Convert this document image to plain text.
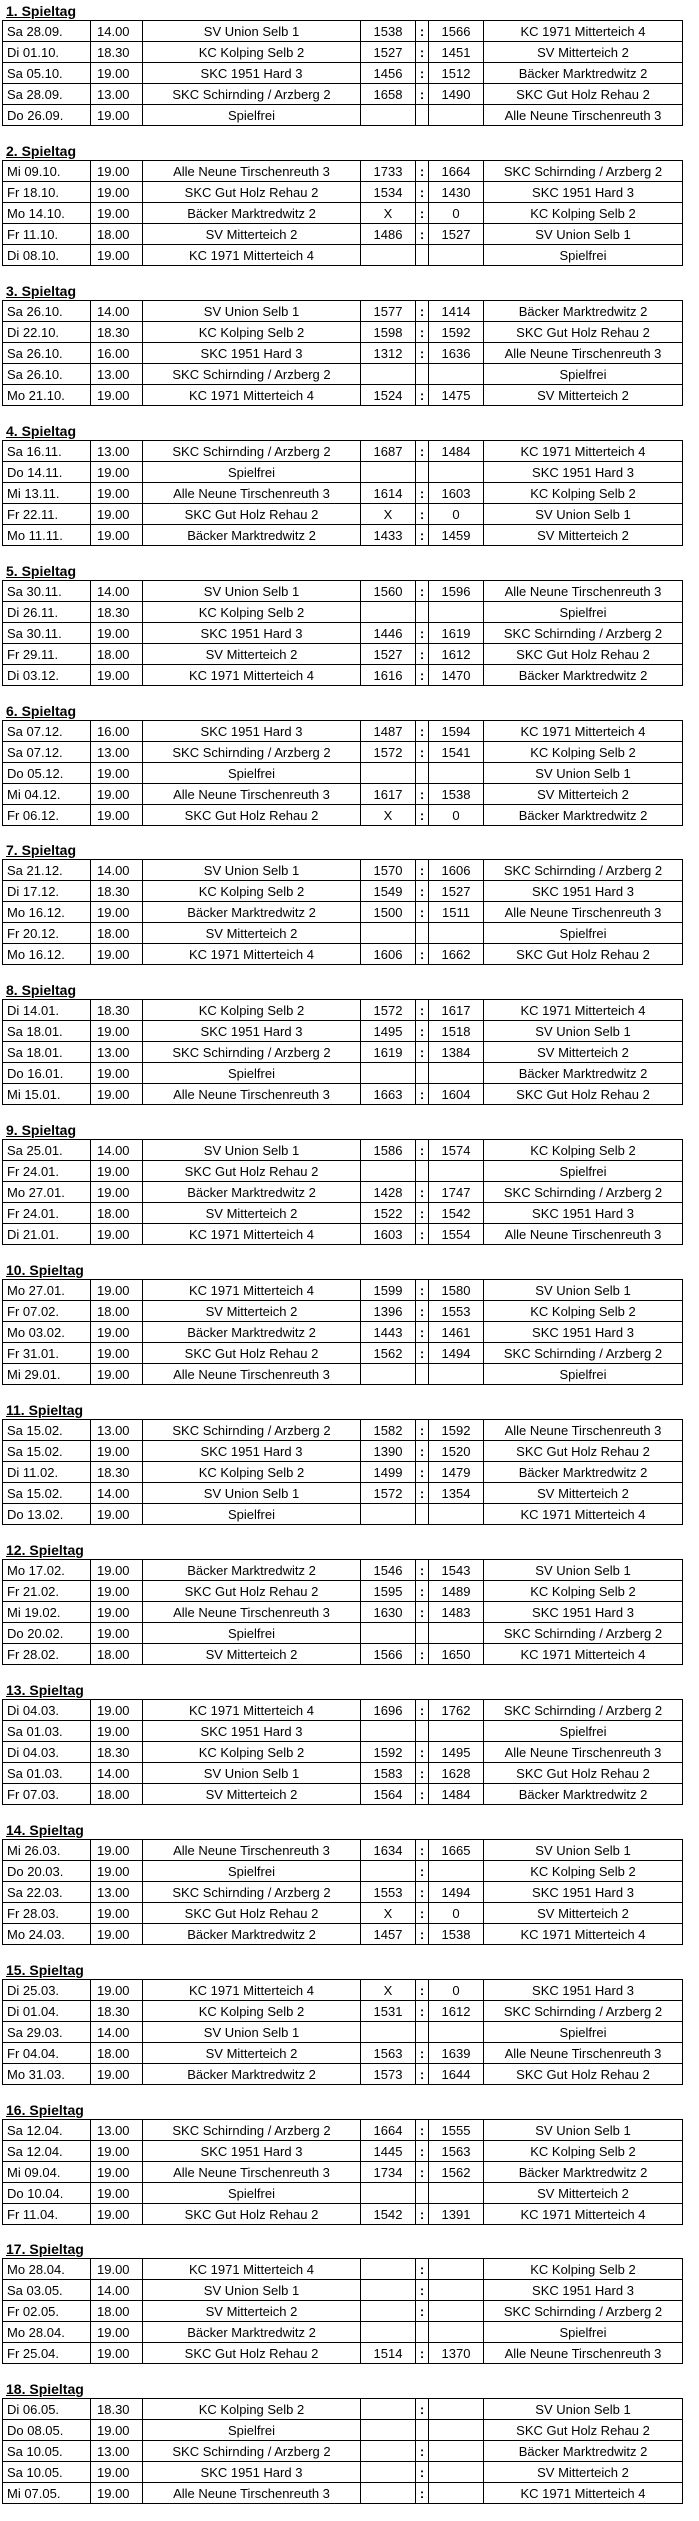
1. Spieltag
Sa 28.09.	14.00	SV Union Selb 1	1538	:	1566	KC 1971 Mitterteich 4
Di 01.10.	18.30	KC Kolping Selb 2	1527	:	1451	SV Mitterteich 2
Sa 05.10.	19.00	SKC 1951 Hard 3	1456	:	1512	Bäcker Marktredwitz 2
Sa 28.09.	13.00	SKC Schirnding / Arzberg 2	1658	:	1490	SKC Gut Holz Rehau 2
Do 26.09.	19.00	Spielfrei				Alle Neune Tirschenreuth 3
2. Spieltag
Mi 09.10.	19.00	Alle Neune Tirschenreuth 3	1733	:	1664	SKC Schirnding / Arzberg 2
Fr 18.10.	19.00	SKC Gut Holz Rehau 2	1534	:	1430	SKC 1951 Hard 3
Mo 14.10.	19.00	Bäcker Marktredwitz 2	X	:	0	KC Kolping Selb 2
Fr 11.10.	18.00	SV Mitterteich 2	1486	:	1527	SV Union Selb 1
Di 08.10.	19.00	KC 1971 Mitterteich 4				Spielfrei
3. Spieltag
Sa 26.10.	14.00	SV Union Selb 1	1577	:	1414	Bäcker Marktredwitz 2
Di 22.10.	18.30	KC Kolping Selb 2	1598	:	1592	SKC Gut Holz Rehau 2
Sa 26.10.	16.00	SKC 1951 Hard 3	1312	:	1636	Alle Neune Tirschenreuth 3
Sa 26.10.	13.00	SKC Schirnding / Arzberg 2				Spielfrei
Mo 21.10.	19.00	KC 1971 Mitterteich 4	1524	:	1475	SV Mitterteich 2
4. Spieltag
Sa 16.11.	13.00	SKC Schirnding / Arzberg 2	1687	:	1484	KC 1971 Mitterteich 4
Do 14.11.	19.00	Spielfrei				SKC 1951 Hard 3
Mi 13.11.	19.00	Alle Neune Tirschenreuth 3	1614	:	1603	KC Kolping Selb 2
Fr 22.11.	19.00	SKC Gut Holz Rehau 2	X	:	0	SV Union Selb 1
Mo 11.11.	19.00	Bäcker Marktredwitz 2	1433	:	1459	SV Mitterteich 2
5. Spieltag
Sa 30.11.	14.00	SV Union Selb 1	1560	:	1596	Alle Neune Tirschenreuth 3
Di 26.11.	18.30	KC Kolping Selb 2				Spielfrei
Sa 30.11.	19.00	SKC 1951 Hard 3	1446	:	1619	SKC Schirnding / Arzberg 2
Fr 29.11.	18.00	SV Mitterteich 2	1527	:	1612	SKC Gut Holz Rehau 2
Di 03.12.	19.00	KC 1971 Mitterteich 4	1616	:	1470	Bäcker Marktredwitz 2
6. Spieltag
Sa 07.12.	16.00	SKC 1951 Hard 3	1487	:	1594	KC 1971 Mitterteich 4
Sa 07.12.	13.00	SKC Schirnding / Arzberg 2	1572	:	1541	KC Kolping Selb 2
Do 05.12.	19.00	Spielfrei				SV Union Selb 1
Mi 04.12.	19.00	Alle Neune Tirschenreuth 3	1617	:	1538	SV Mitterteich 2
Fr 06.12.	19.00	SKC Gut Holz Rehau 2	X	:	0	Bäcker Marktredwitz 2
7. Spieltag
Sa 21.12.	14.00	SV Union Selb 1	1570	:	1606	SKC Schirnding / Arzberg 2
Di 17.12.	18.30	KC Kolping Selb 2	1549	:	1527	SKC 1951 Hard 3
Mo 16.12.	19.00	Bäcker Marktredwitz 2	1500	:	1511	Alle Neune Tirschenreuth 3
Fr 20.12.	18.00	SV Mitterteich 2				Spielfrei
Mo 16.12.	19.00	KC 1971 Mitterteich 4	1606	:	1662	SKC Gut Holz Rehau 2
8. Spieltag
Di 14.01.	18.30	KC Kolping Selb 2	1572	:	1617	KC 1971 Mitterteich 4
Sa 18.01.	19.00	SKC 1951 Hard 3	1495	:	1518	SV Union Selb 1
Sa 18.01.	13.00	SKC Schirnding / Arzberg 2	1619	:	1384	SV Mitterteich 2
Do 16.01.	19.00	Spielfrei				Bäcker Marktredwitz 2
Mi 15.01.	19.00	Alle Neune Tirschenreuth 3	1663	:	1604	SKC Gut Holz Rehau 2
9. Spieltag
Sa 25.01.	14.00	SV Union Selb 1	1586	:	1574	KC Kolping Selb 2
Fr 24.01.	19.00	SKC Gut Holz Rehau 2				Spielfrei
Mo 27.01.	19.00	Bäcker Marktredwitz 2	1428	:	1747	SKC Schirnding / Arzberg 2
Fr 24.01.	18.00	SV Mitterteich 2	1522	:	1542	SKC 1951 Hard 3
Di 21.01.	19.00	KC 1971 Mitterteich 4	1603	:	1554	Alle Neune Tirschenreuth 3
10. Spieltag
Mo 27.01.	19.00	KC 1971 Mitterteich 4	1599	:	1580	SV Union Selb 1
Fr 07.02.	18.00	SV Mitterteich 2	1396	:	1553	KC Kolping Selb 2
Mo 03.02.	19.00	Bäcker Marktredwitz 2	1443	:	1461	SKC 1951 Hard 3
Fr 31.01.	19.00	SKC Gut Holz Rehau 2	1562	:	1494	SKC Schirnding / Arzberg 2
Mi 29.01.	19.00	Alle Neune Tirschenreuth 3				Spielfrei
11. Spieltag
Sa 15.02.	13.00	SKC Schirnding / Arzberg 2	1582	:	1592	Alle Neune Tirschenreuth 3
Sa 15.02.	19.00	SKC 1951 Hard 3	1390	:	1520	SKC Gut Holz Rehau 2
Di 11.02.	18.30	KC Kolping Selb 2	1499	:	1479	Bäcker Marktredwitz 2
Sa 15.02.	14.00	SV Union Selb 1	1572	:	1354	SV Mitterteich 2
Do 13.02.	19.00	Spielfrei				KC 1971 Mitterteich 4
12. Spieltag
Mo 17.02.	19.00	Bäcker Marktredwitz 2	1546	:	1543	SV Union Selb 1
Fr 21.02.	19.00	SKC Gut Holz Rehau 2	1595	:	1489	KC Kolping Selb 2
Mi 19.02.	19.00	Alle Neune Tirschenreuth 3	1630	:	1483	SKC 1951 Hard 3
Do 20.02.	19.00	Spielfrei				SKC Schirnding / Arzberg 2
Fr 28.02.	18.00	SV Mitterteich 2	1566	:	1650	KC 1971 Mitterteich 4
13. Spieltag
Di 04.03.	19.00	KC 1971 Mitterteich 4	1696	:	1762	SKC Schirnding / Arzberg 2
Sa 01.03.	19.00	SKC 1951 Hard 3				Spielfrei
Di 04.03.	18.30	KC Kolping Selb 2	1592	:	1495	Alle Neune Tirschenreuth 3
Sa 01.03.	14.00	SV Union Selb 1	1583	:	1628	SKC Gut Holz Rehau 2
Fr 07.03.	18.00	SV Mitterteich 2	1564	:	1484	Bäcker Marktredwitz 2
14. Spieltag
Mi 26.03.	19.00	Alle Neune Tirschenreuth 3	1634	:	1665	SV Union Selb 1
Do 20.03.	19.00	Spielfrei		:		KC Kolping Selb 2
Sa 22.03.	13.00	SKC Schirnding / Arzberg 2	1553	:	1494	SKC 1951 Hard 3
Fr 28.03.	19.00	SKC Gut Holz Rehau 2	X	:	0	SV Mitterteich 2
Mo 24.03.	19.00	Bäcker Marktredwitz 2	1457	:	1538	KC 1971 Mitterteich 4
15. Spieltag
Di 25.03.	19.00	KC 1971 Mitterteich 4	X	:	0	SKC 1951 Hard 3
Di 01.04.	18.30	KC Kolping Selb 2	1531	:	1612	SKC Schirnding / Arzberg 2
Sa 29.03.	14.00	SV Union Selb 1				Spielfrei
Fr 04.04.	18.00	SV Mitterteich 2	1563	:	1639	Alle Neune Tirschenreuth 3
Mo 31.03.	19.00	Bäcker Marktredwitz 2	1573	:	1644	SKC Gut Holz Rehau 2
16. Spieltag
Sa 12.04.	13.00	SKC Schirnding / Arzberg 2	1664	:	1555	SV Union Selb 1
Sa 12.04.	19.00	SKC 1951 Hard 3	1445	:	1563	KC Kolping Selb 2
Mi 09.04.	19.00	Alle Neune Tirschenreuth 3	1734	:	1562	Bäcker Marktredwitz 2
Do 10.04.	19.00	Spielfrei				SV Mitterteich 2
Fr 11.04.	19.00	SKC Gut Holz Rehau 2	1542	:	1391	KC 1971 Mitterteich 4
17. Spieltag
Mo 28.04.	19.00	KC 1971 Mitterteich 4		:		KC Kolping Selb 2
Sa 03.05.	14.00	SV Union Selb 1		:		SKC 1951 Hard 3
Fr 02.05.	18.00	SV Mitterteich 2		:		SKC Schirnding / Arzberg 2
Mo 28.04.	19.00	Bäcker Marktredwitz 2				Spielfrei
Fr 25.04.	19.00	SKC Gut Holz Rehau 2	1514	:	1370	Alle Neune Tirschenreuth 3
18. Spieltag
Di 06.05.	18.30	KC Kolping Selb 2		:		SV Union Selb 1
Do 08.05.	19.00	Spielfrei				SKC Gut Holz Rehau 2
Sa 10.05.	13.00	SKC Schirnding / Arzberg 2		:		Bäcker Marktredwitz 2
Sa 10.05.	19.00	SKC 1951 Hard 3		:		SV Mitterteich 2
Mi 07.05.	19.00	Alle Neune Tirschenreuth 3		:		KC 1971 Mitterteich 4
